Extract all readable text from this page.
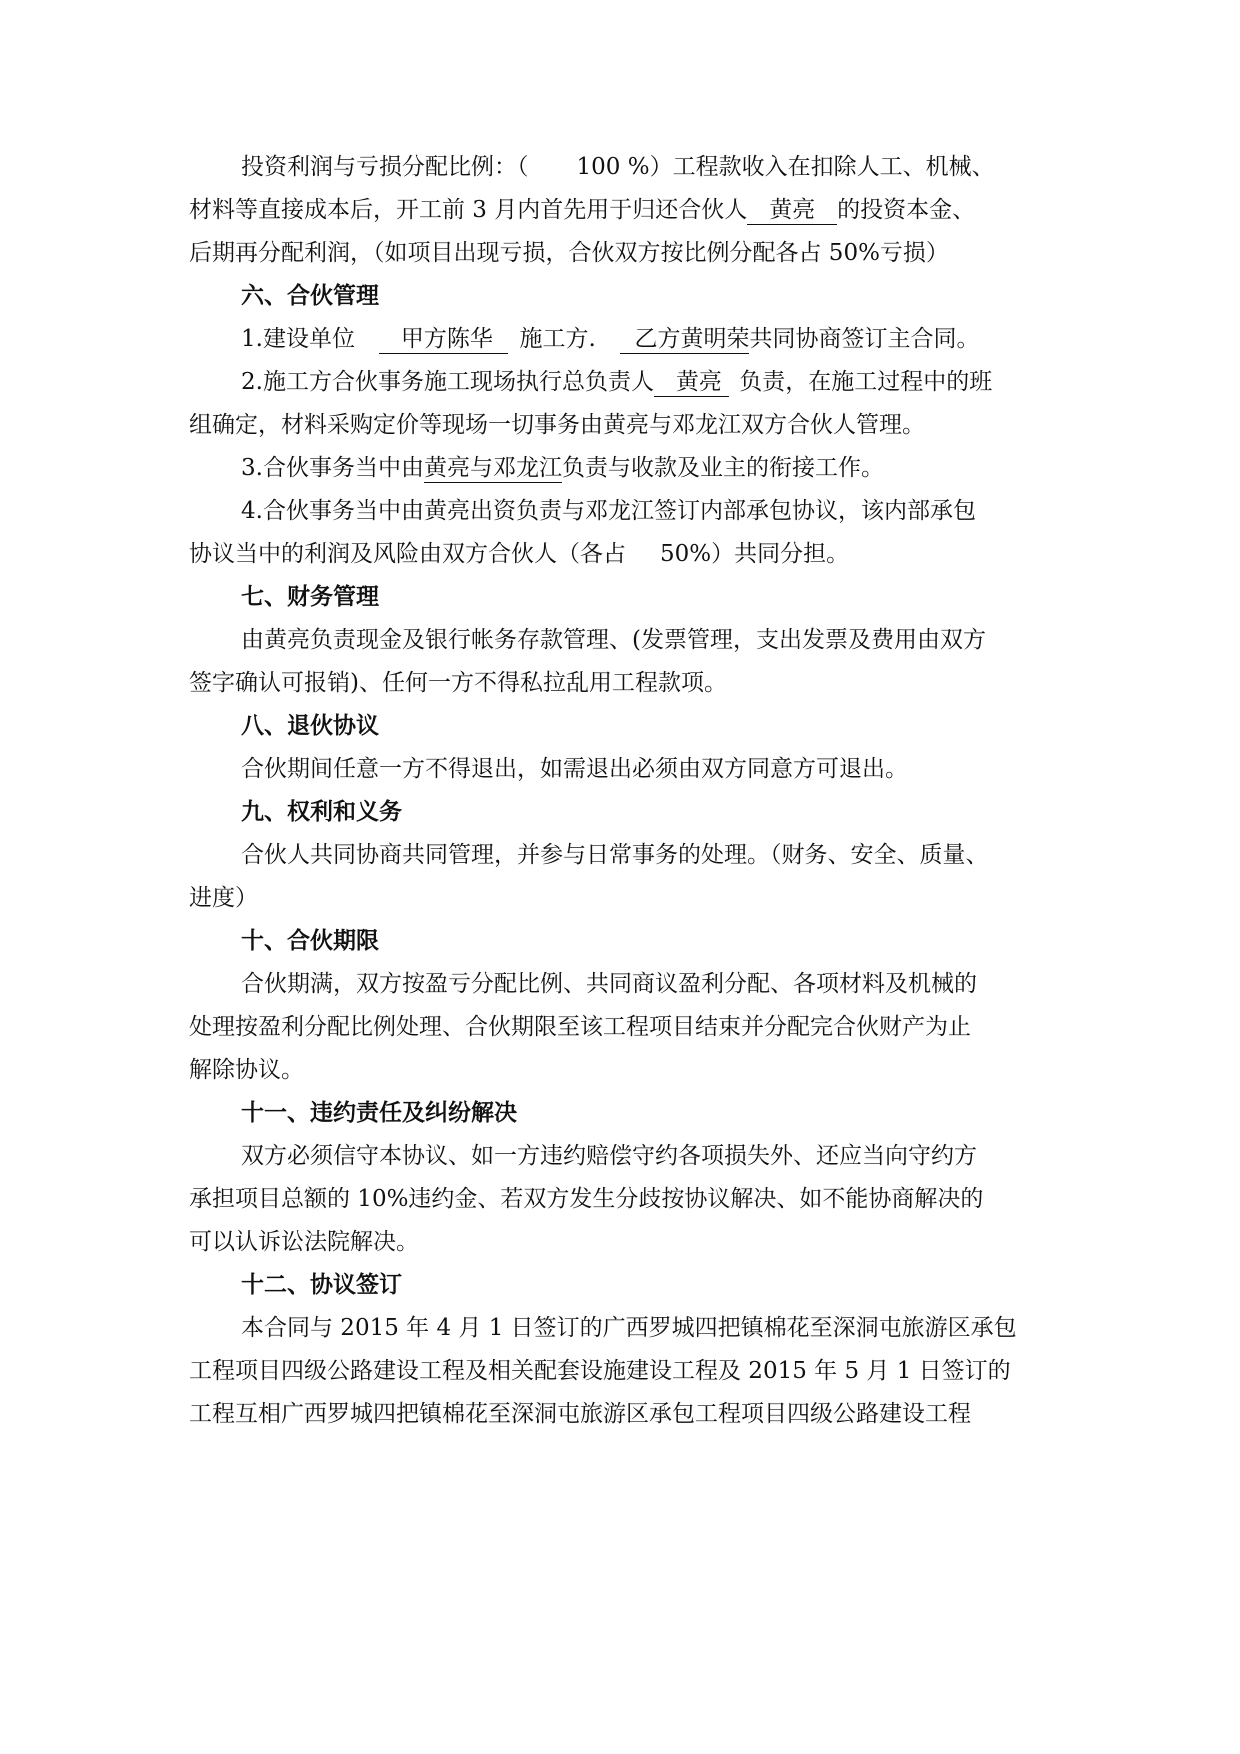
投资利润与亏损分配比例：（ 100 %）工程款收入在扣除人工、机械、
材料等直接成本后，开工前 3 月内首先用于归还合伙人 黄亮 的投资本金、
后期再分配利润，（如项目出现亏损，合伙双方按比例分配各占 50%亏损）
六、合伙管理
1.建设单位 甲方陈华 施工方. 乙方黄明荣共同协商签订主合同。
2.施工方合伙事务施工现场执行总负责人 黄亮 负责，在施工过程中的班
组确定，材料采购定价等现场一切事务由黄亮与邓龙江双方合伙人管理。
3.合伙事务当中由黄亮与邓龙江负责与收款及业主的衔接工作。
4.合伙事务当中由黄亮出资负责与邓龙江签订内部承包协议，该内部承包
协议当中的利润及风险由双方合伙人（各占 50%）共同分担。
七、财务管理
由黄亮负责现金及银行帐务存款管理、(发票管理，支出发票及费用由双方
签字确认可报销)、任何一方不得私拉乱用工程款项。
八、退伙协议
合伙期间任意一方不得退出，如需退出必须由双方同意方可退出。
九、权利和义务
合伙人共同协商共同管理，并参与日常事务的处理。（财务、安全、质量、
进度）
十、合伙期限
合伙期满，双方按盈亏分配比例、共同商议盈利分配、各项材料及机械的
处理按盈利分配比例处理、合伙期限至该工程项目结束并分配完合伙财产为止
解除协议。
十一、违约责任及纠纷解决
双方必须信守本协议、如一方违约赔偿守约各项损失外、还应当向守约方
承担项目总额的 10%违约金、若双方发生分歧按协议解决、如不能协商解决的
可以认诉讼法院解决。
十二、协议签订
本合同与 2015 年 4 月 1 日签订的广西罗城四把镇棉花至深洞屯旅游区承包
工程项目四级公路建设工程及相关配套设施建设工程及 2015 年 5 月 1 日签订的
工程互相广西罗城四把镇棉花至深洞屯旅游区承包工程项目四级公路建设工程
